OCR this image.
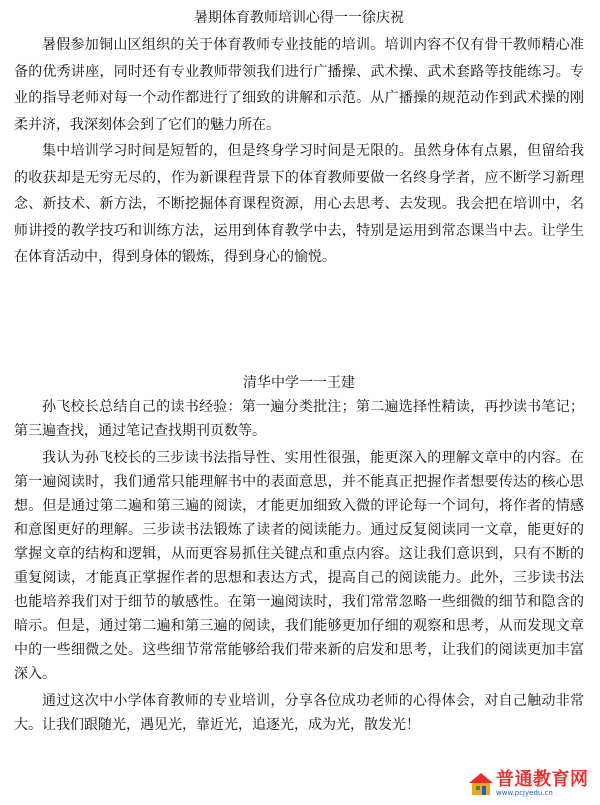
暑期体育教师培训心得一一徐庆祝

暑假参加铜山区组织的关于体育教师专业技能的培训。培训内容不仅有骨干教师精心准备的优秀讲座，同时还有专业教师带领我们进行广播操、武术操、武术套路等技能练习。专业的指导老师对每一个动作都进行了细致的讲解和示范。从广播操的规范动作到武术操的刚柔并济，我深刻体会到了它们的魅力所在。

集中培训学习时间是短暂的，但是终身学习时间是无限的。虽然身体有点累，但留给我的收获却是无穷无尽的，作为新课程背景下的体育教师要做一名终身学者，应不断学习新理念、新技术、新方法，不断挖掘体育课程资源，用心去思考、去发现。我会把在培训中，名师讲授的教学技巧和训练方法，运用到体育教学中去，特别是运用到常态课当中去。让学生在体育活动中，得到身体的锻炼，得到身心的愉悦。

清华中学一一王建

孙飞校长总结自己的读书经验：第一遍分类批注；第二遍选择性精读，再抄读书笔记；第三遍查找，通过笔记查找期刊页数等。

我认为孙飞校长的三步读书法指导性、实用性很强，能更深入的理解文章中的内容。在第一遍阅读时，我们通常只能理解书中的表面意思，并不能真正把握作者想要传达的核心思想。但是通过第二遍和第三遍的阅读，才能更加细致入微的评论每一个词句，将作者的情感和意图更好的理解。三步读书法锻炼了读者的阅读能力。通过反复阅读同一文章，能更好的掌握文章的结构和逻辑，从而更容易抓住关键点和重点内容。这让我们意识到，只有不断的重复阅读，才能真正掌握作者的思想和表达方式，提高自己的阅读能力。此外，三步读书法也能培养我们对于细节的敏感性。在第一遍阅读时，我们常常忽略一些细微的细节和隐含的暗示。但是，通过第二遍和第三遍的阅读，我们能够更加仔细的观察和思考，从而发现文章中的一些细微之处。这些细节常常能够给我们带来新的启发和思考，让我们的阅读更加丰富深入。

通过这次中小学体育教师的专业培训，分享各位成功老师的心得体会，对自己触动非常大。让我们跟随光，遇见光，靠近光，追逐光，成为光，散发光！

普通教育网
www.pcjyedu.cn
